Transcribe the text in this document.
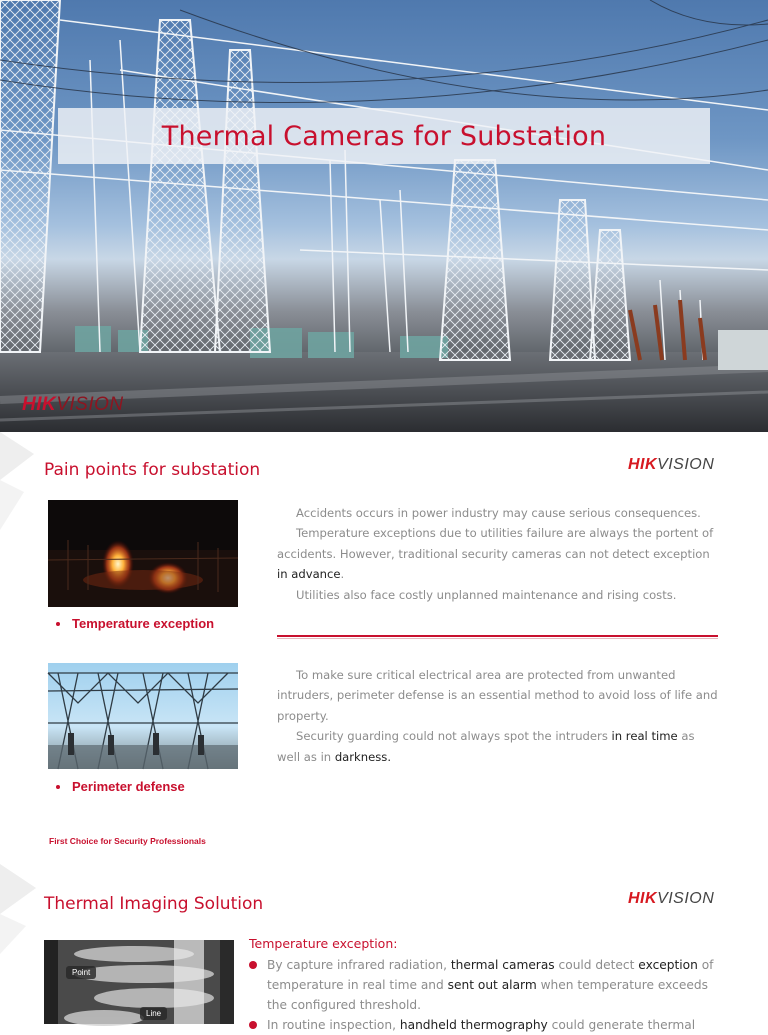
Thermal Cameras for Substation
HIKVISION
Pain points for substation	HIKVISION
Temperature exception

Accidents occurs in power industry may cause serious consequences.

Temperature exceptions due to utilities failure are always the portent of accidents. However, traditional security cameras can not detect exception in advance.

Utilities also face costly unplanned maintenance and rising costs.

Perimeter defense

To make sure critical electrical area are protected from unwanted intruders, perimeter defense is an essential method to avoid loss of life and property.

Security guarding could not always spot the intruders in real time as well as in darkness.

First Choice for Security Professionals
Thermal Imaging Solution	HIKVISION
Point
Line
Temperature exception:
By capture infrared radiation, thermal cameras could detect exception of temperature in real time and sent out alarm when temperature exceeds the configured threshold.
In routine inspection, handheld thermography could generate thermal
